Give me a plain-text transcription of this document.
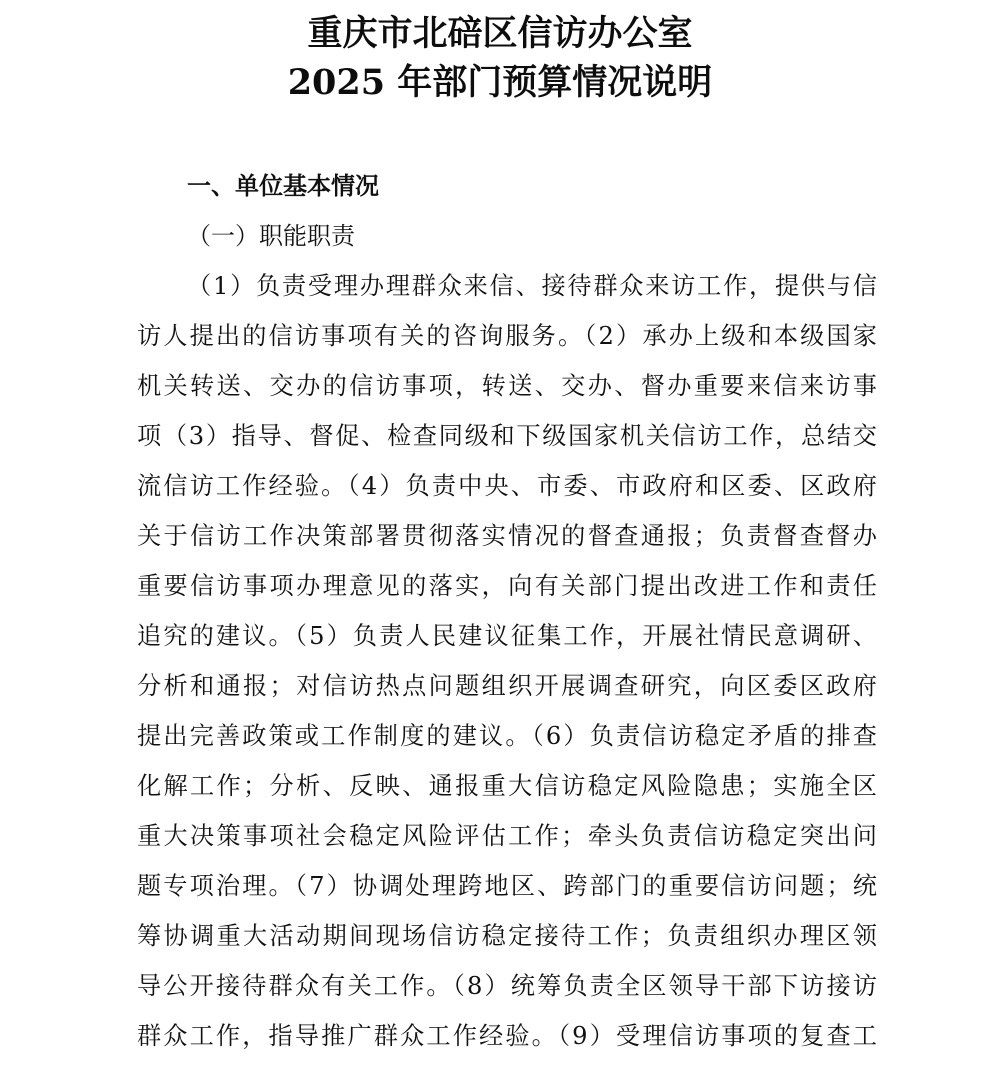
重庆市北碚区信访办公室
2025 年部门预算情况说明
一、单位基本情况
（一）职能职责
（1）负责受理办理群众来信、接待群众来访工作，提供与信
访人提出的信访事项有关的咨询服务。（2）承办上级和本级国家
机关转送、交办的信访事项，转送、交办、督办重要来信来访事
项（3）指导、督促、检查同级和下级国家机关信访工作，总结交
流信访工作经验。（4）负责中央、市委、市政府和区委、区政府
关于信访工作决策部署贯彻落实情况的督查通报；负责督查督办
重要信访事项办理意见的落实，向有关部门提出改进工作和责任
追究的建议。（5）负责人民建议征集工作，开展社情民意调研、
分析和通报；对信访热点问题组织开展调查研究，向区委区政府
提出完善政策或工作制度的建议。（6）负责信访稳定矛盾的排查
化解工作；分析、反映、通报重大信访稳定风险隐患；实施全区
重大决策事项社会稳定风险评估工作；牵头负责信访稳定突出问
题专项治理。（7）协调处理跨地区、跨部门的重要信访问题；统
筹协调重大活动期间现场信访稳定接待工作；负责组织办理区领
导公开接待群众有关工作。（8）统筹负责全区领导干部下访接访
群众工作，指导推广群众工作经验。（9）受理信访事项的复查工
